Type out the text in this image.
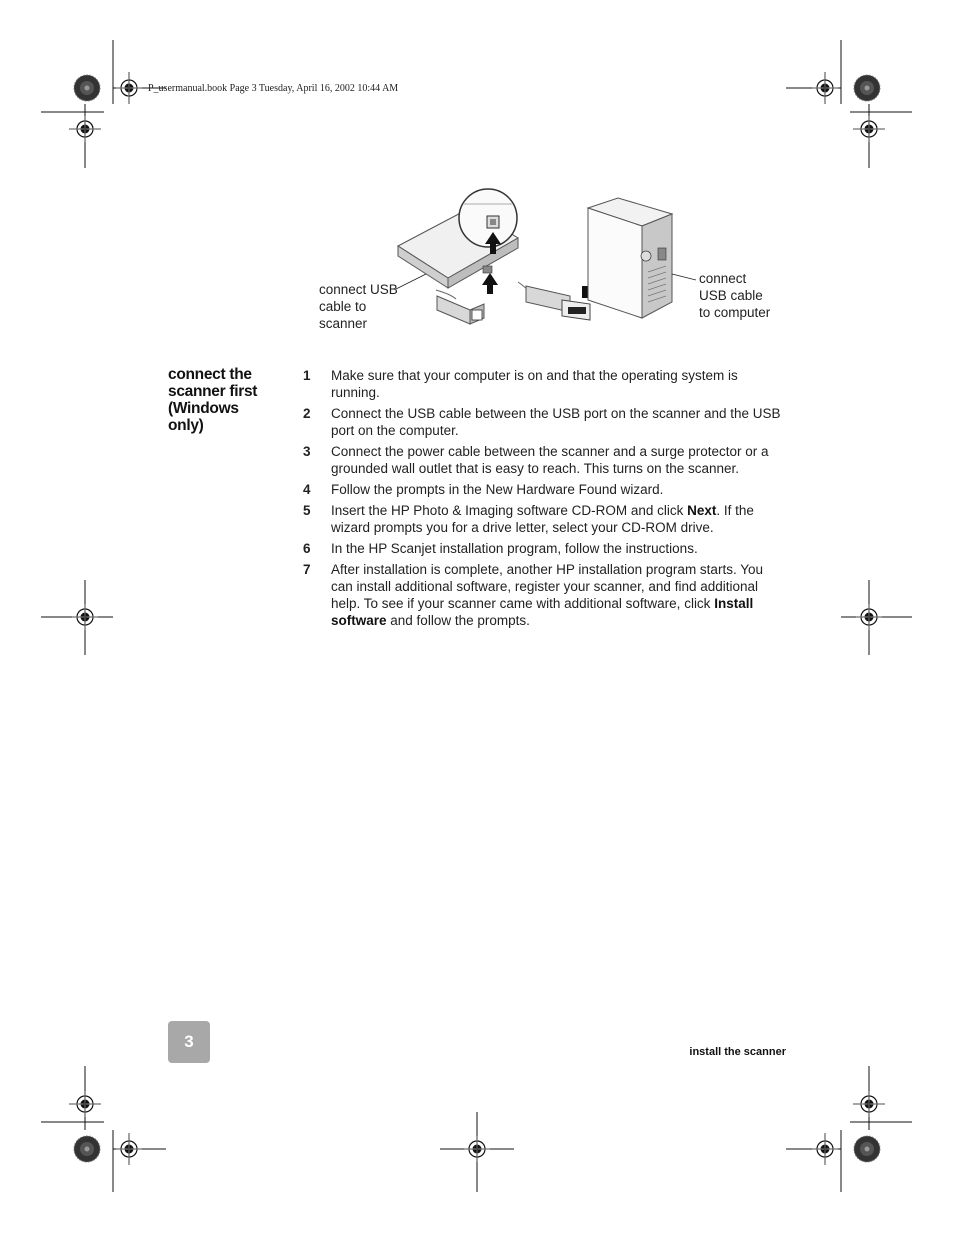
P_usermanual.book Page 3 Tuesday, April 16, 2002 10:44 AM
connect USB
cable to
scanner
connect
USB cable
to computer
connect the scanner first (Windows only)
1	Make sure that your computer is on and that the operating system is running.
2	Connect the USB cable between the USB port on the scanner and the USB port on the computer.
3	Connect the power cable between the scanner and a surge protector or a grounded wall outlet that is easy to reach. This turns on the scanner.
4	Follow the prompts in the New Hardware Found wizard.
5	Insert the HP Photo & Imaging software CD-ROM and click Next. If the wizard prompts you for a drive letter, select your CD-ROM drive.
6	In the HP Scanjet installation program, follow the instructions.
7	After installation is complete, another HP installation program starts. You can install additional software, register your scanner, and find additional help. To see if your scanner came with additional software, click Install software and follow the prompts.
3
install the scanner
